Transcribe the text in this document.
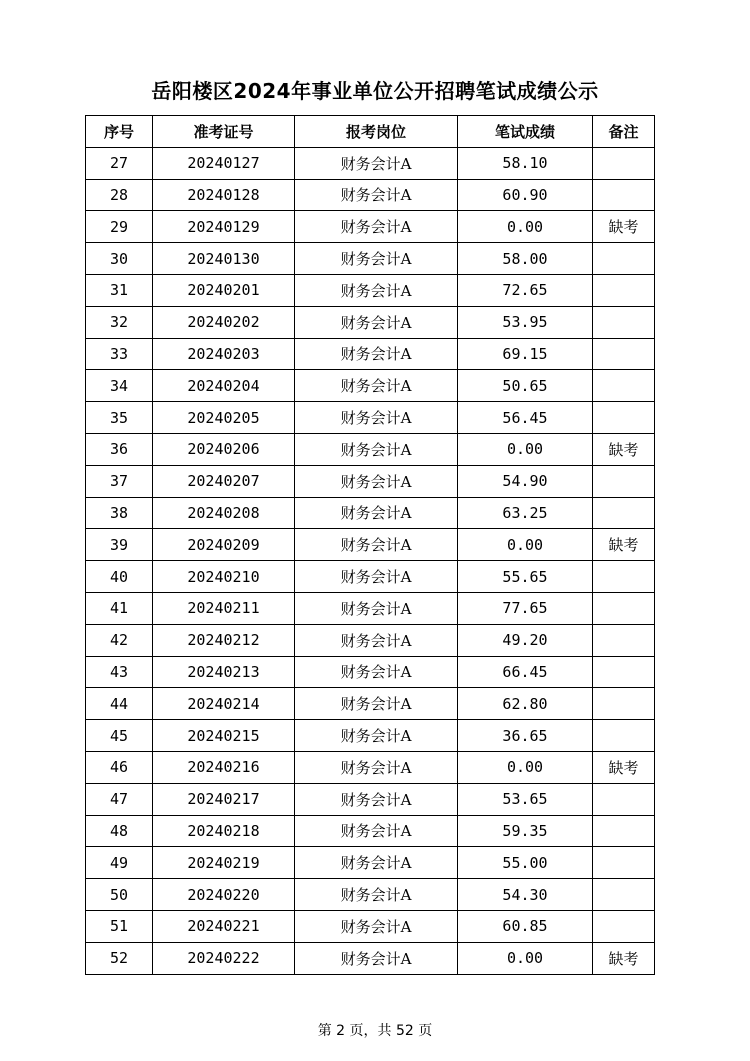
岳阳楼区2024年事业单位公开招聘笔试成绩公示
序号	准考证号	报考岗位	笔试成绩	备注
27	20240127	财务会计A	58.10	
28	20240128	财务会计A	60.90	
29	20240129	财务会计A	0.00	缺考
30	20240130	财务会计A	58.00	
31	20240201	财务会计A	72.65	
32	20240202	财务会计A	53.95	
33	20240203	财务会计A	69.15	
34	20240204	财务会计A	50.65	
35	20240205	财务会计A	56.45	
36	20240206	财务会计A	0.00	缺考
37	20240207	财务会计A	54.90	
38	20240208	财务会计A	63.25	
39	20240209	财务会计A	0.00	缺考
40	20240210	财务会计A	55.65	
41	20240211	财务会计A	77.65	
42	20240212	财务会计A	49.20	
43	20240213	财务会计A	66.45	
44	20240214	财务会计A	62.80	
45	20240215	财务会计A	36.65	
46	20240216	财务会计A	0.00	缺考
47	20240217	财务会计A	53.65	
48	20240218	财务会计A	59.35	
49	20240219	财务会计A	55.00	
50	20240220	财务会计A	54.30	
51	20240221	财务会计A	60.85	
52	20240222	财务会计A	0.00	缺考
第 2 页，共 52 页
